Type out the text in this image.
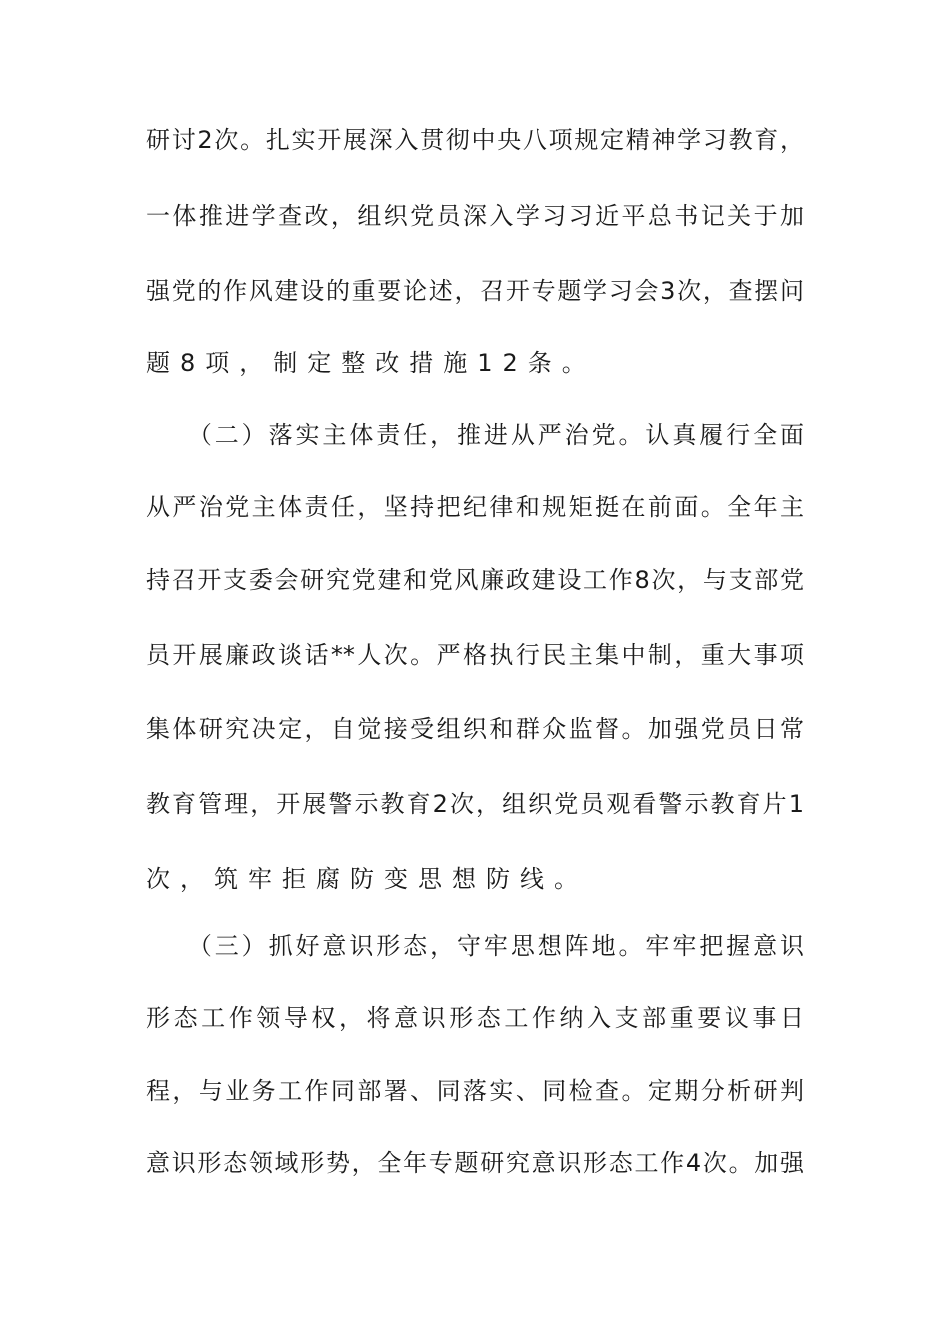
研讨2次。扎实开展深入贯彻中央八项规定精神学习教育，
一体推进学查改，组织党员深入学习习近平总书记关于加
强党的作风建设的重要论述，召开专题学习会3次，查摆问
题8项，制定整改措施12条。
　　（二）落实主体责任，推进从严治党。认真履行全面
从严治党主体责任，坚持把纪律和规矩挺在前面。全年主
持召开支委会研究党建和党风廉政建设工作8次，与支部党
员开展廉政谈话**人次。严格执行民主集中制，重大事项
集体研究决定，自觉接受组织和群众监督。加强党员日常
教育管理，开展警示教育2次，组织党员观看警示教育片1
次，筑牢拒腐防变思想防线。
　　（三）抓好意识形态，守牢思想阵地。牢牢把握意识
形态工作领导权，将意识形态工作纳入支部重要议事日
程，与业务工作同部署、同落实、同检查。定期分析研判
意识形态领域形势，全年专题研究意识形态工作4次。加强
